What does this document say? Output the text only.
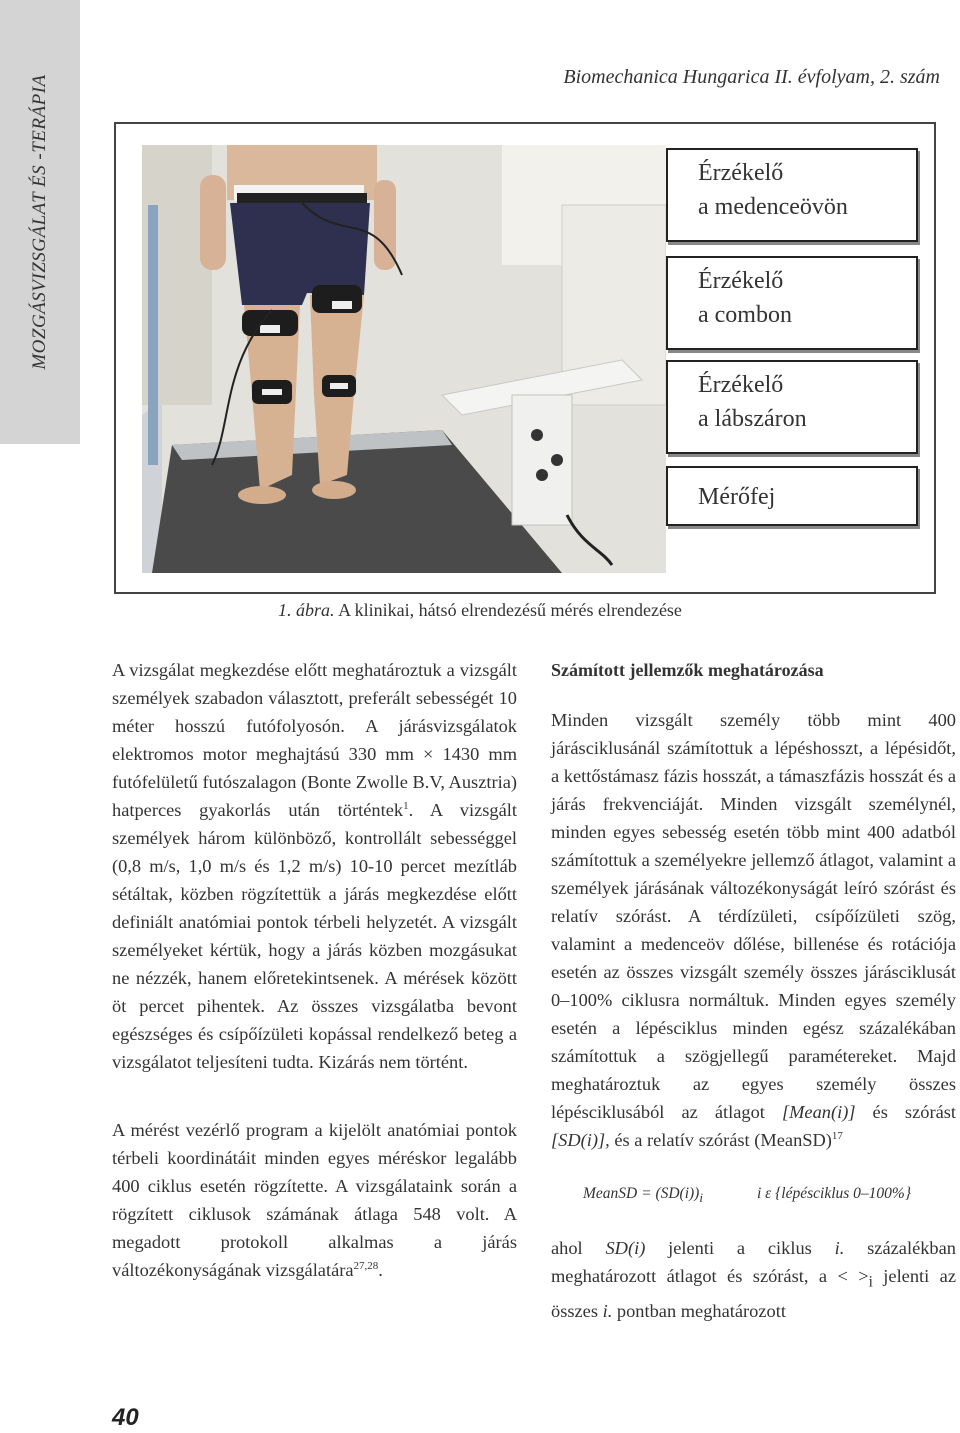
MOZGÁSVIZSGÁLAT ÉS -TERÁPIA	Biomechanica Hungarica II. évfolyam, 2. szám
Érzékelő
a medenceövön
Érzékelő
a combon
Érzékelő
a lábszáron
Mérőfej
1. ábra. A klinikai, hátsó elrendezésű mérés elrendezése

A vizsgálat megkezdése előtt meghatároztuk a vizsgált személyek szabadon választott, preferált sebességét 10 méter hosszú futófolyosón. A járásvizsgálatok elektromos motor meghajtású 330 mm × 1430 mm futófelületű futószalagon (Bonte Zwolle B.V, Ausztria) hatperces gyakorlás után történtek$^1$. A vizsgált személyek három különböző, kontrollált sebességgel (0,8 m/s, 1,0 m/s és 1,2 m/s) 10-10 percet mezítláb sétáltak, közben rögzítettük a járás megkezdése előtt definiált anatómiai pontok térbeli helyzetét. A vizsgált személyeket kértük, hogy a járás közben mozgásukat ne nézzék, hanem előretekintsenek. A mérések között öt percet pihentek. Az összes vizsgálatba bevont egészséges és csípőízületi kopással rendelkező beteg a vizsgálatot teljesíteni tudta. Kizárás nem történt.

A mérést vezérlő program a kijelölt anatómiai pontok térbeli koordinátáit minden egyes méréskor legalább 400 ciklus esetén rögzítette. A vizsgálataink során a rögzített ciklusok számának átlaga 548 volt. A megadott protokoll alkalmas a járás változékonyságának vizsgálatára$^{27,28}$.

Számított jellemzők meghatározása

Minden vizsgált személy több mint 400 járásciklusánál számítottuk a lépéshosszt, a lépésidőt, a kettőstámasz fázis hosszát, a támaszfázis hosszát és a járás frekvenciáját. Minden vizsgált személynél, minden egyes sebesség esetén több mint 400 adatból számítottuk a személyekre jellemző átlagot, valamint a személyek járásának változékonyságát leíró szórást és relatív szórást. A térdízületi, csípőízületi szög, valamint a medenceöv dőlése, billenése és rotációja esetén az összes vizsgált személy összes járásciklusát 0–100% ciklusra normáltuk. Minden egyes személy esetén a lépésciklus minden egész százalékában számítottuk a szögjellegű paramétereket. Majd meghatároztuk az egyes személy összes lépésciklusából az átlagot [Mean(i)] és szórást [SD(i)], és a relatív szórást (MeanSD)$^{17}$

MeanSD = $(SD(i))_i$	i ε {lépésciklus 0–100%}

ahol SD(i) jelenti a ciklus i. százalékban meghatározott átlagot és szórást, $a < >_i$ jelenti az összes i. pontban meghatározott

40
